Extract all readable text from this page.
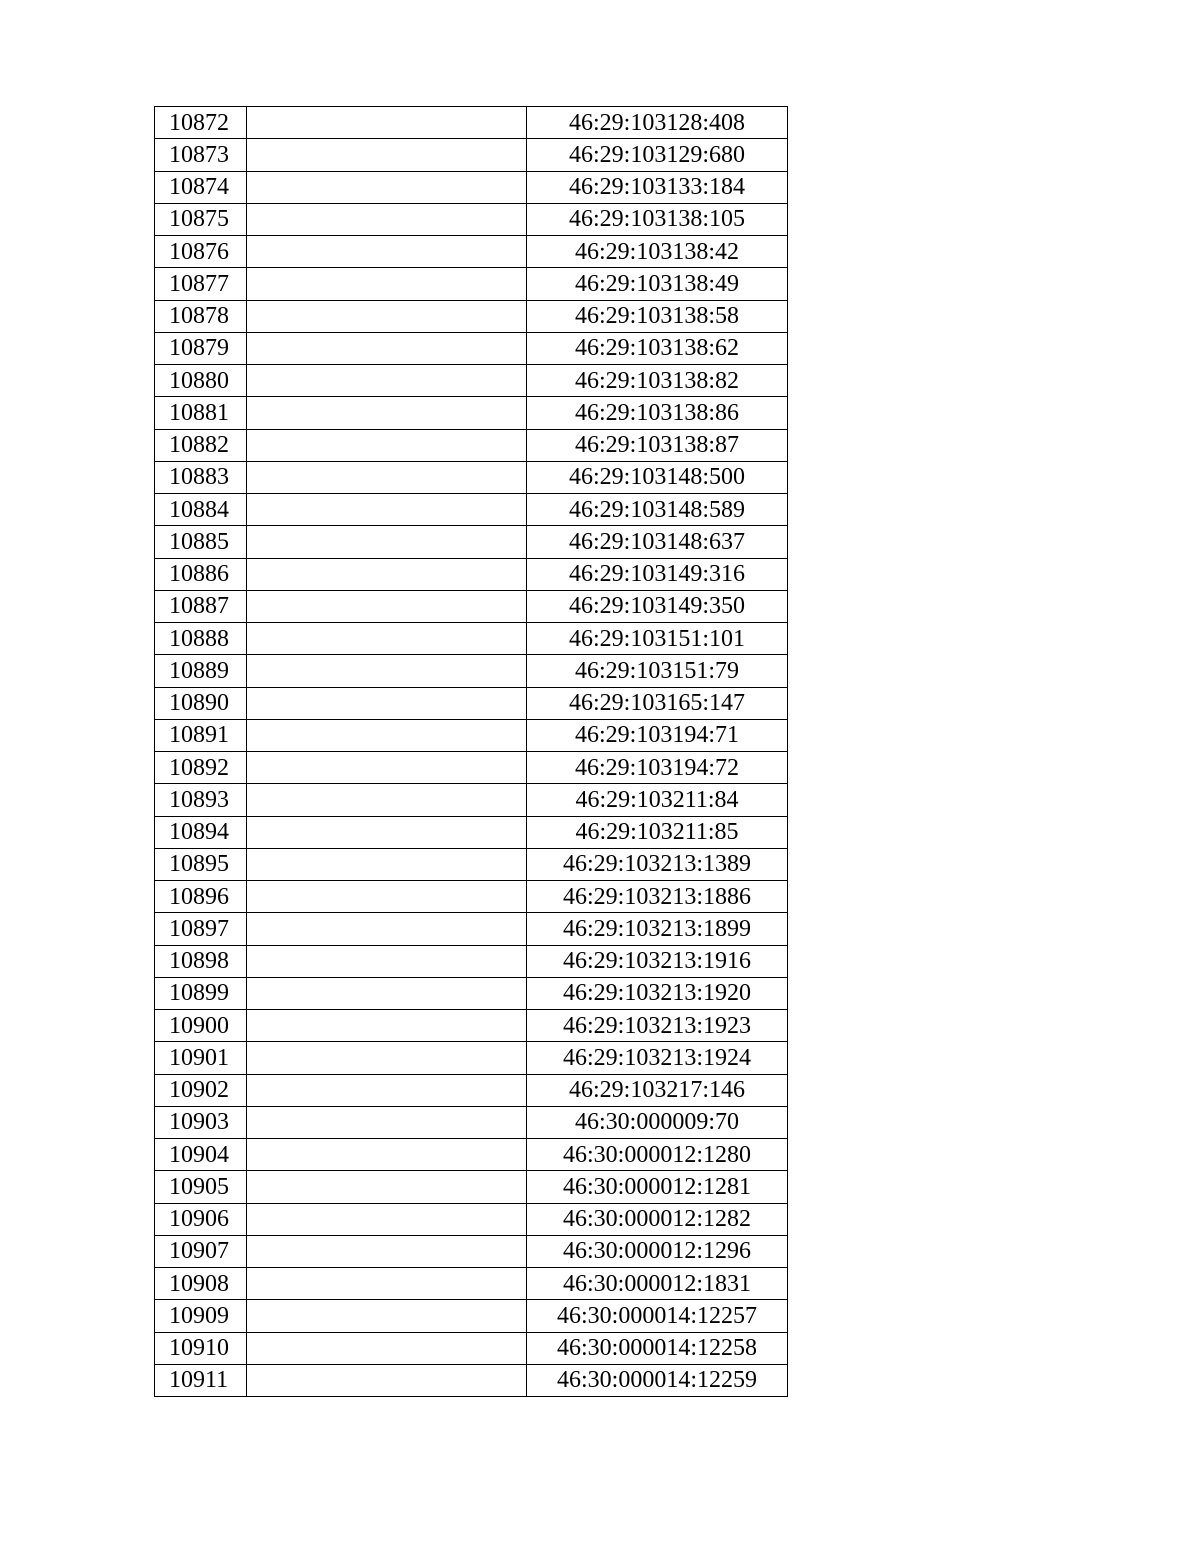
10872		46:29:103128:408
10873		46:29:103129:680
10874		46:29:103133:184
10875		46:29:103138:105
10876		46:29:103138:42
10877		46:29:103138:49
10878		46:29:103138:58
10879		46:29:103138:62
10880		46:29:103138:82
10881		46:29:103138:86
10882		46:29:103138:87
10883		46:29:103148:500
10884		46:29:103148:589
10885		46:29:103148:637
10886		46:29:103149:316
10887		46:29:103149:350
10888		46:29:103151:101
10889		46:29:103151:79
10890		46:29:103165:147
10891		46:29:103194:71
10892		46:29:103194:72
10893		46:29:103211:84
10894		46:29:103211:85
10895		46:29:103213:1389
10896		46:29:103213:1886
10897		46:29:103213:1899
10898		46:29:103213:1916
10899		46:29:103213:1920
10900		46:29:103213:1923
10901		46:29:103213:1924
10902		46:29:103217:146
10903		46:30:000009:70
10904		46:30:000012:1280
10905		46:30:000012:1281
10906		46:30:000012:1282
10907		46:30:000012:1296
10908		46:30:000012:1831
10909		46:30:000014:12257
10910		46:30:000014:12258
10911		46:30:000014:12259
